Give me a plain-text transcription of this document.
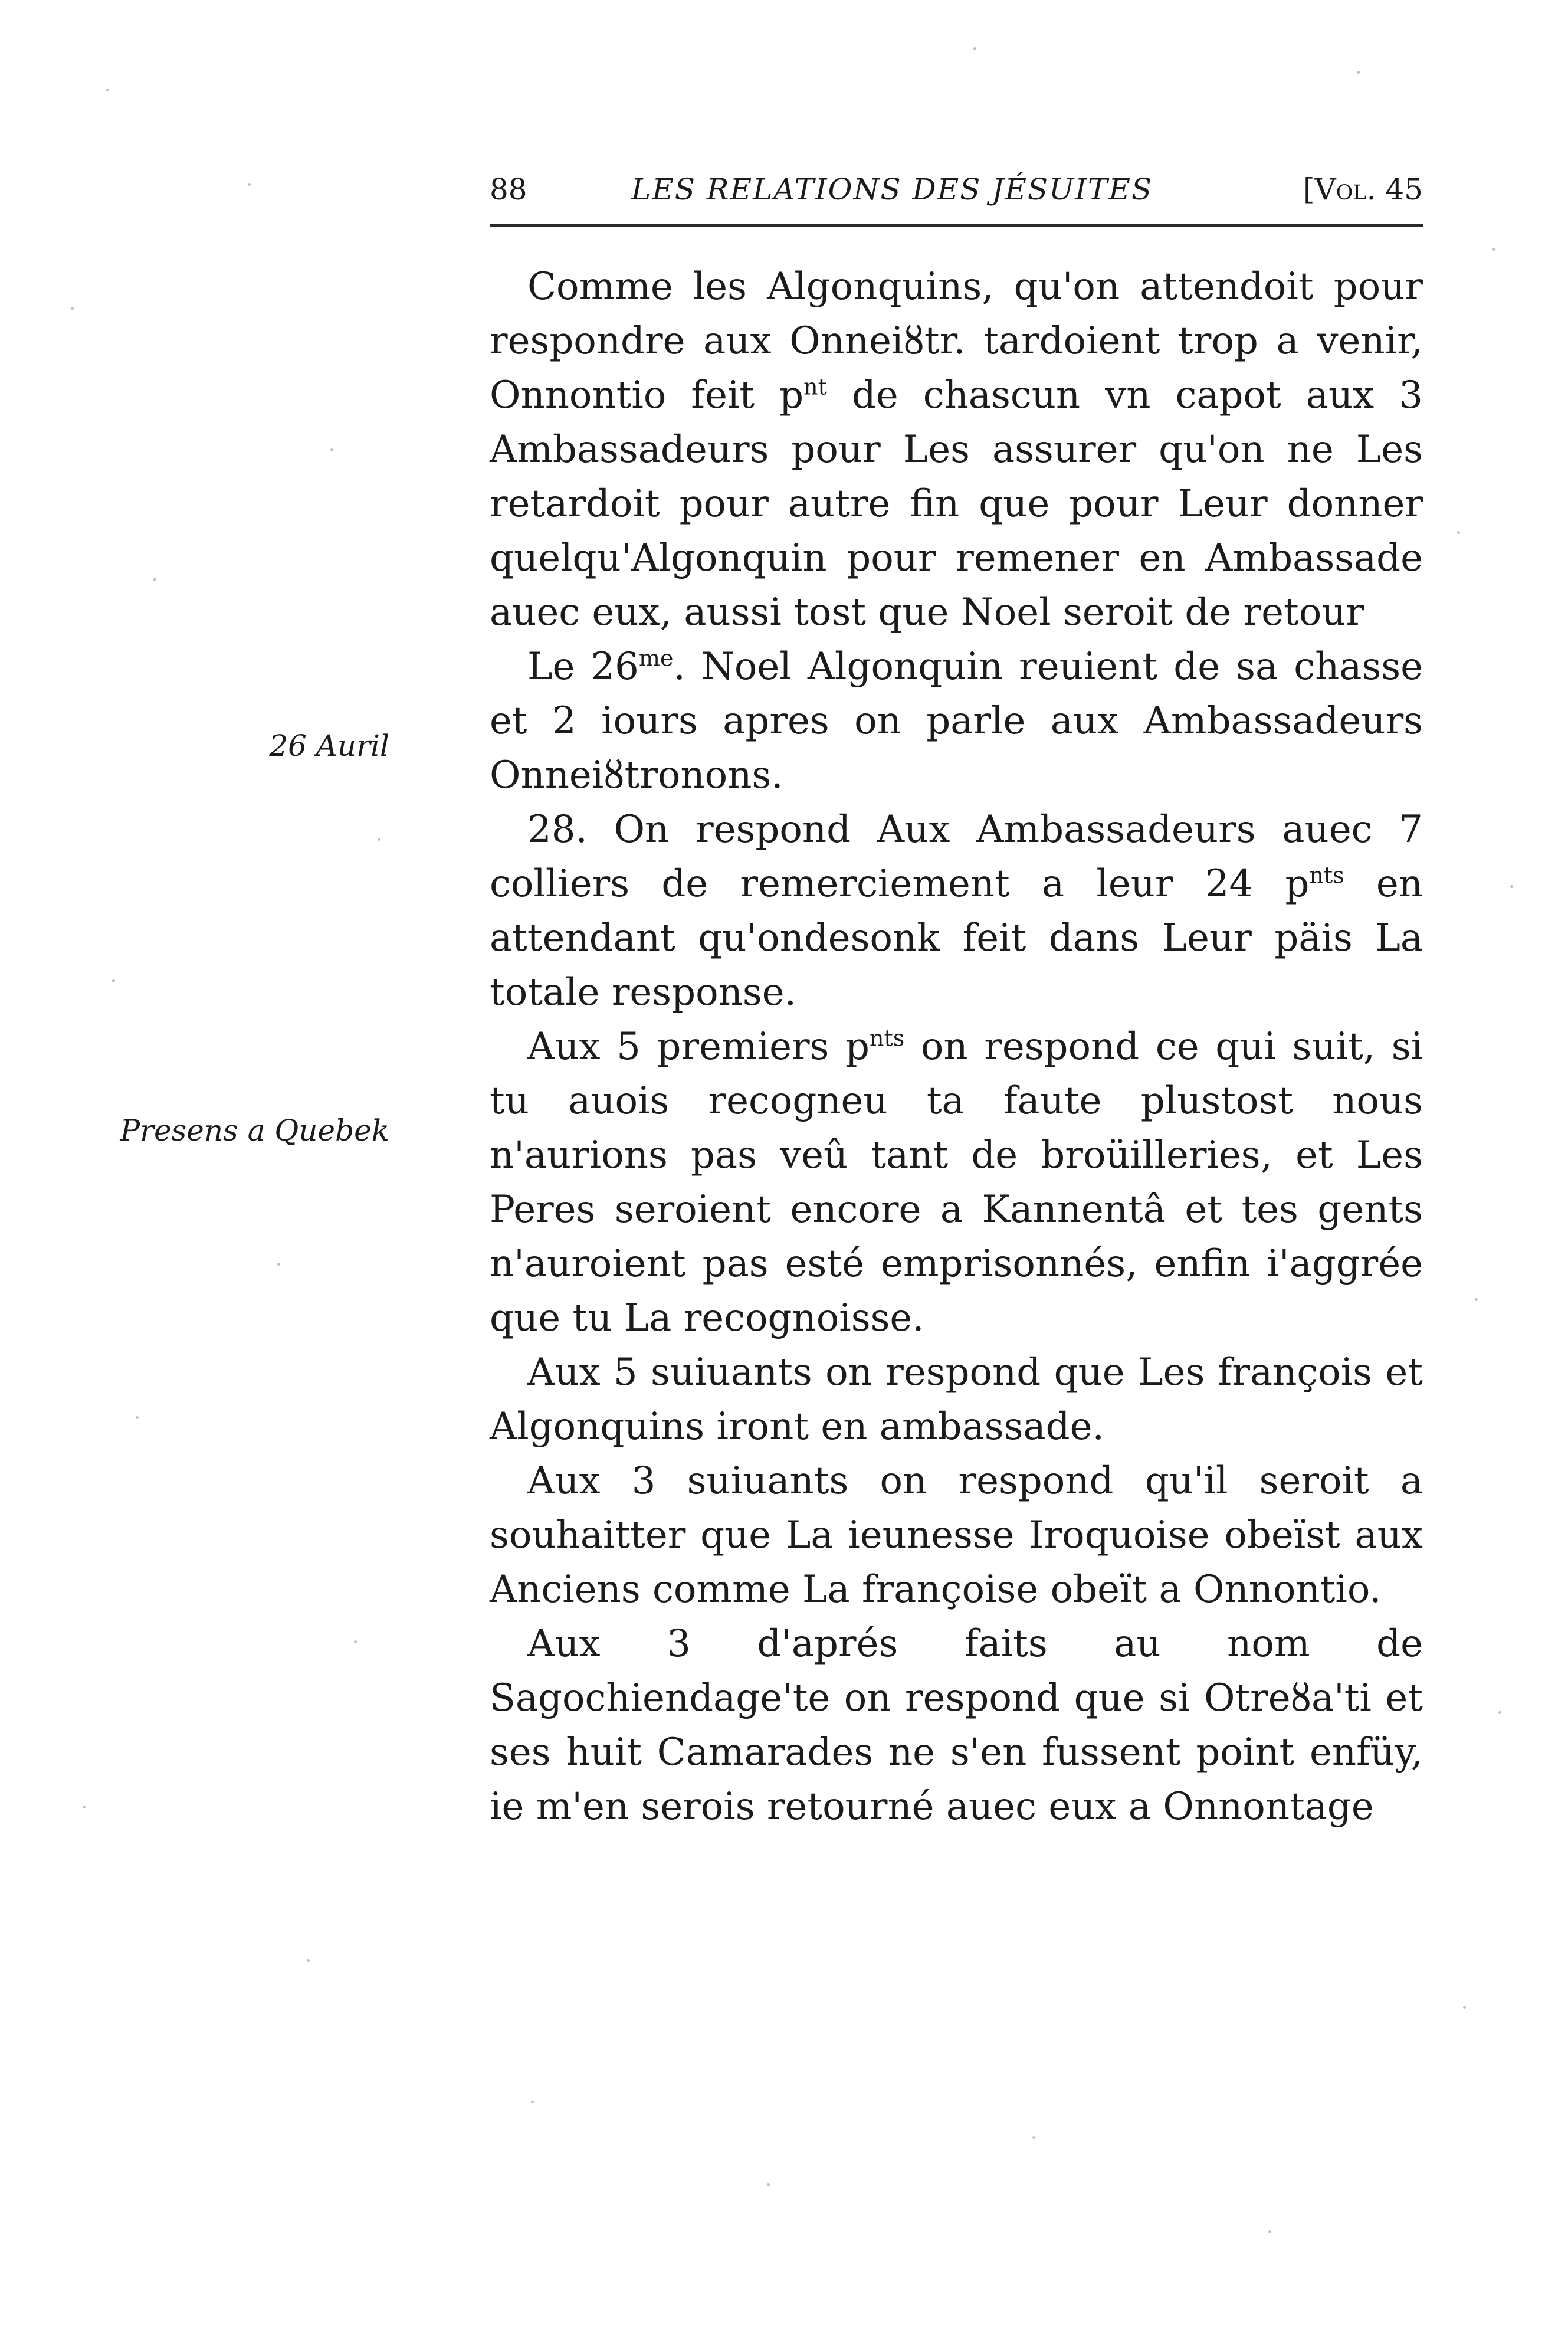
88	LES RELATIONS DES JÉSUITES	[Vol. 45
26 Auril
Presens a Quebek

Comme les Algonquins, qu'on attendoit pour respondre aux Onneiȣtr. tardoient trop a venir, Onnontio feit $p^{nt}$ de chascun vn capot aux 3 Ambassadeurs pour Les assurer qu'on ne Les retardoit pour autre fin que pour Leur donner quelqu'Algonquin pour remener en Ambassade auec eux, aussi tost que Noel seroit de retour

Le $26^{me}$. Noel Algonquin reuient de sa chasse et 2 iours apres on parle aux Ambassadeurs Onneiȣtronons.

28. On respond Aux Ambassadeurs auec 7 colliers de remerciement a leur 24 $p^{nts}$ en attendant qu'ondesonk feit dans Leur päis La totale response.

Aux 5 premiers $p^{nts}$ on respond ce qui suit, si tu auois recogneu ta faute plustost nous n'aurions pas veû tant de broüilleries, et Les Peres seroient encore a Kannentâ et tes gents n'auroient pas esté emprisonnés, enfin i'aggrée que tu La recognoisse.

Aux 5 suiuants on respond que Les françois et Algonquins iront en ambassade.

Aux 3 suiuants on respond qu'il seroit a souhaitter que La ieunesse Iroquoise obeïst aux Anciens comme La françoise obeït a Onnontio.

Aux 3 d'aprés faits au nom de Sagochiendage'te on respond que si Otreȣa'ti et ses huit Camarades ne s'en fussent point enfüy, ie m'en serois retourné auec eux a Onnontage
